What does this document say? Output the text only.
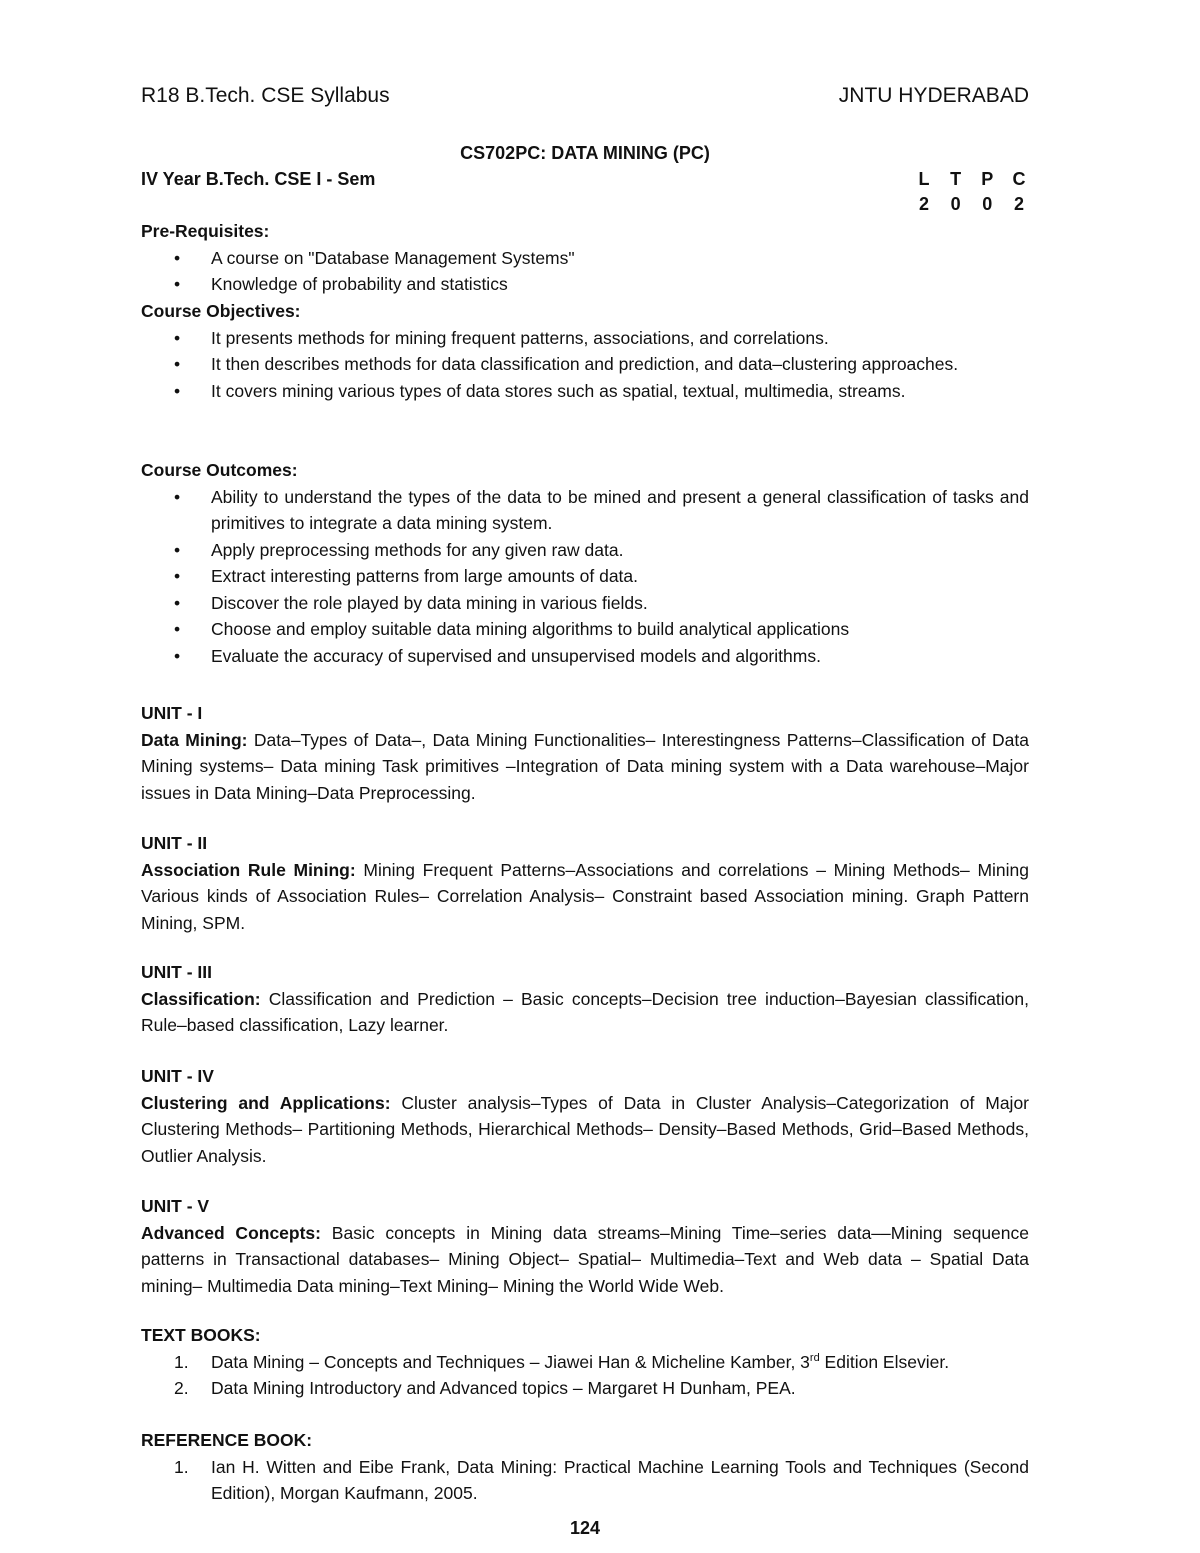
R18 B.Tech. CSE Syllabus	JNTU HYDERABAD
CS702PC: DATA MINING (PC)
IV Year B.Tech. CSE I - Sem	L T P C
2 0 0 2
Pre-Requisites:
• A course on "Database Management Systems"
• Knowledge of probability and statistics
Course Objectives:
• It presents methods for mining frequent patterns, associations, and correlations.
• It then describes methods for data classification and prediction, and data–clustering approaches.
• It covers mining various types of data stores such as spatial, textual, multimedia, streams.
Course Outcomes:
• Ability to understand the types of the data to be mined and present a general classification of tasks and primitives to integrate a data mining system.
• Apply preprocessing methods for any given raw data.
• Extract interesting patterns from large amounts of data.
• Discover the role played by data mining in various fields.
• Choose and employ suitable data mining algorithms to build analytical applications
• Evaluate the accuracy of supervised and unsupervised models and algorithms.
UNIT - I

Data Mining: Data–Types of Data–, Data Mining Functionalities– Interestingness Patterns–Classification of Data Mining systems– Data mining Task primitives –Integration of Data mining system with a Data warehouse–Major issues in Data Mining–Data Preprocessing.

UNIT - II

Association Rule Mining: Mining Frequent Patterns–Associations and correlations – Mining Methods– Mining Various kinds of Association Rules– Correlation Analysis– Constraint based Association mining. Graph Pattern Mining, SPM.

UNIT - III

Classification: Classification and Prediction – Basic concepts–Decision tree induction–Bayesian classification, Rule–based classification, Lazy learner.

UNIT - IV

Clustering and Applications: Cluster analysis–Types of Data in Cluster Analysis–Categorization of Major Clustering Methods– Partitioning Methods, Hierarchical Methods– Density–Based Methods, Grid–Based Methods, Outlier Analysis.

UNIT - V

Advanced Concepts: Basic concepts in Mining data streams–Mining Time–series data––Mining sequence patterns in Transactional databases– Mining Object– Spatial– Multimedia–Text and Web data – Spatial Data mining– Multimedia Data mining–Text Mining– Mining the World Wide Web.

TEXT BOOKS:
1. Data Mining – Concepts and Techniques – Jiawei Han & Micheline Kamber, 3rd Edition Elsevier.
2. Data Mining Introductory and Advanced topics – Margaret H Dunham, PEA.
REFERENCE BOOK:
1. Ian H. Witten and Eibe Frank, Data Mining: Practical Machine Learning Tools and Techniques (Second Edition), Morgan Kaufmann, 2005.
124
